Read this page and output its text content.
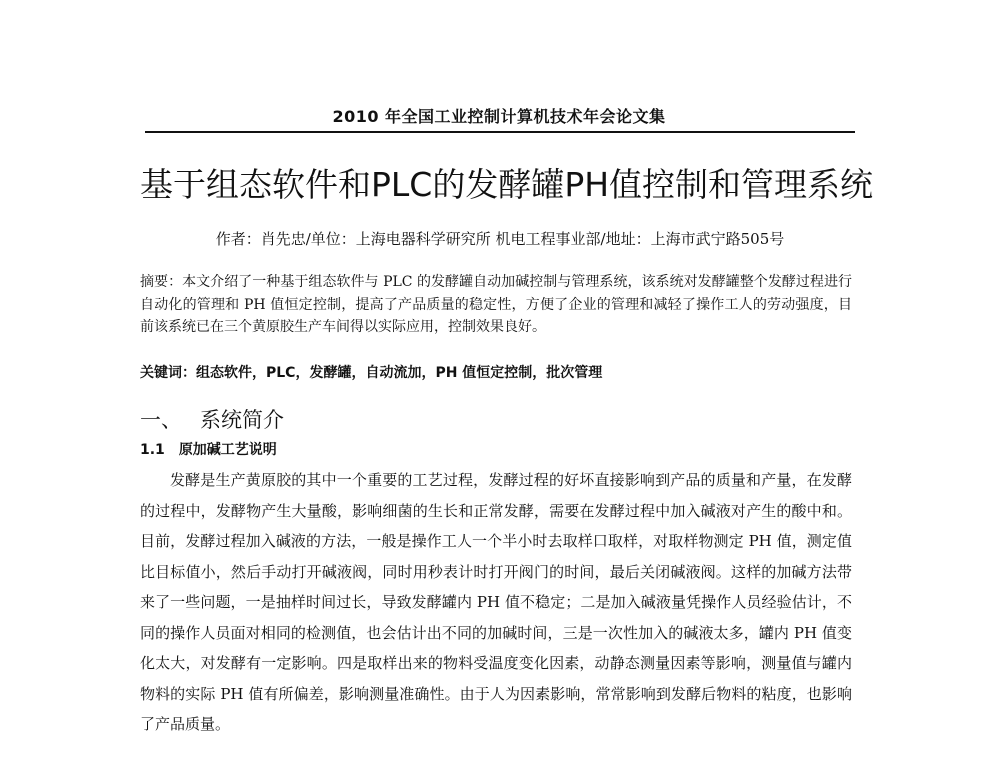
2010 年全国工业控制计算机技术年会论文集
基于组态软件和PLC的发酵罐PH值控制和管理系统
作者：肖先忠/单位：上海电器科学研究所 机电工程事业部/地址：上海市武宁路505号
摘要：本文介绍了一种基于组态软件与 PLC 的发酵罐自动加碱控制与管理系统，该系统对发酵罐整个发酵过程进行自动化的管理和 PH 值恒定控制，提高了产品质量的稳定性，方便了企业的管理和减轻了操作工人的劳动强度，目前该系统已在三个黄原胶生产车间得以实际应用，控制效果良好。
关键词：组态软件，PLC，发酵罐，自动流加，PH 值恒定控制，批次管理
一、 系统简介
1.1 原加碱工艺说明
发酵是生产黄原胶的其中一个重要的工艺过程，发酵过程的好坏直接影响到产品的质量和产量，在发酵的过程中，发酵物产生大量酸，影响细菌的生长和正常发酵，需要在发酵过程中加入碱液对产生的酸中和。目前，发酵过程加入碱液的方法，一般是操作工人一个半小时去取样口取样，对取样物测定 PH 值，测定值比目标值小，然后手动打开碱液阀，同时用秒表计时打开阀门的时间，最后关闭碱液阀。这样的加碱方法带来了一些问题，一是抽样时间过长，导致发酵罐内 PH 值不稳定；二是加入碱液量凭操作人员经验估计，不同的操作人员面对相同的检测值，也会估计出不同的加碱时间，三是一次性加入的碱液太多，罐内 PH 值变化太大，对发酵有一定影响。四是取样出来的物料受温度变化因素，动静态测量因素等影响，测量值与罐内物料的实际 PH 值有所偏差，影响测量准确性。由于人为因素影响，常常影响到发酵后物料的粘度，也影响了产品质量。
